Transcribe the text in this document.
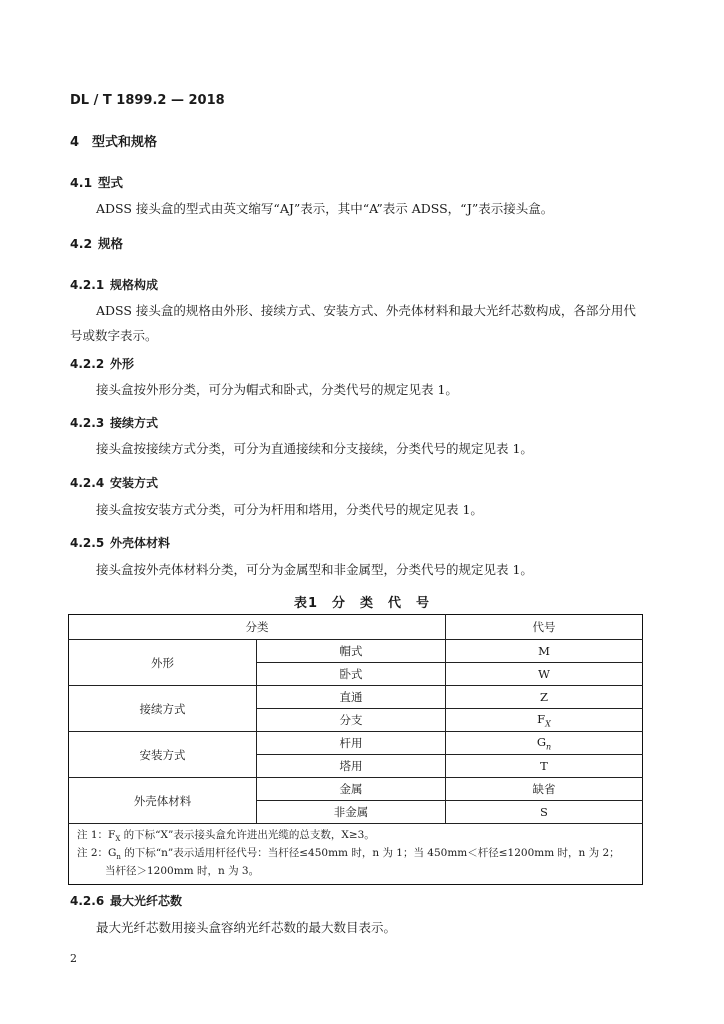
DL / T 1899.2 — 2018
4 型式和规格
4.1 型式
ADSS 接头盒的型式由英文缩写“AJ”表示，其中“A”表示 ADSS，“J”表示接头盒。
4.2 规格
4.2.1 规格构成
ADSS 接头盒的规格由外形、接续方式、安装方式、外壳体材料和最大光纤芯数构成，各部分用代号或数字表示。
4.2.2 外形
接头盒按外形分类，可分为帽式和卧式，分类代号的规定见表 1。
4.2.3 接续方式
接头盒按接续方式分类，可分为直通接续和分支接续，分类代号的规定见表 1。
4.2.4 安装方式
接头盒按安装方式分类，可分为杆用和塔用，分类代号的规定见表 1。
4.2.5 外壳体材料
接头盒按外壳体材料分类，可分为金属型和非金属型，分类代号的规定见表 1。
表1　分　类　代　号
分类		代号
外形	帽式	M
	卧式	W
接续方式	直通	Z
	分支	$F_X$
安装方式	杆用	$G_n$
	塔用	T
外壳体材料	金属	缺省
	非金属	S

注 1：$F_X$ 的下标“X”表示接头盒允许进出光缆的总支数，X≥3。
注 2：$G_n$ 的下标“n”表示适用杆径代号：当杆径≤450mm 时，n 为 1；当 450mm＜杆径≤1200mm 时，n 为 2；
当杆径＞1200mm 时，n 为 3。		
4.2.6 最大光纤芯数
最大光纤芯数用接头盒容纳光纤芯数的最大数目表示。
2
